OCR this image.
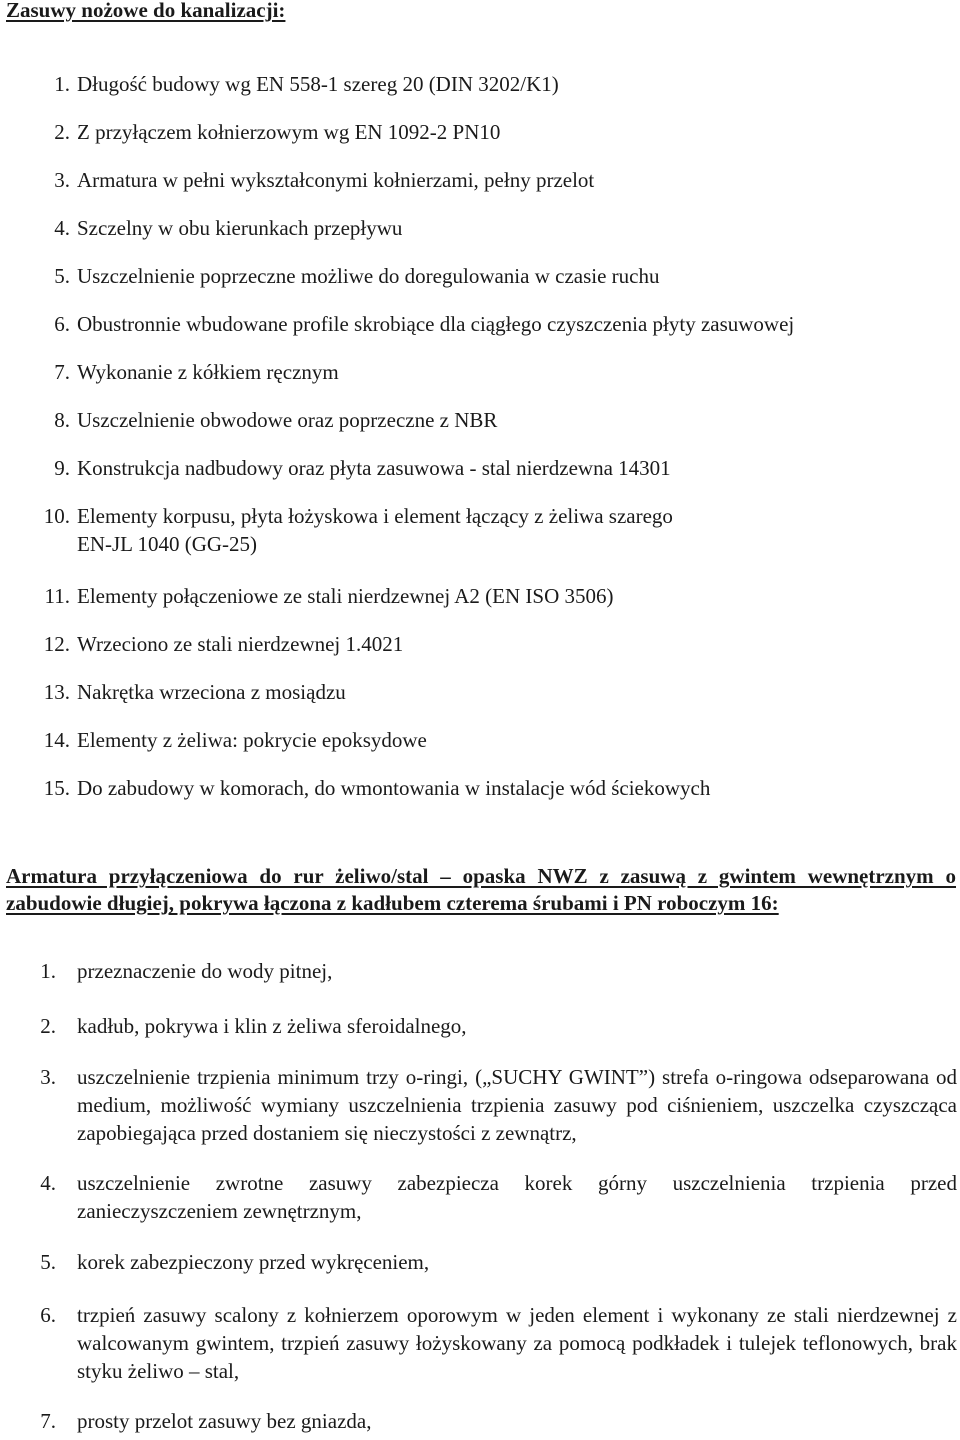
Zasuwy nożowe do kanalizacji:
1. Długość budowy wg EN 558-1 szereg 20 (DIN 3202/K1)
2. Z przyłączem kołnierzowym wg EN 1092-2 PN10
3. Armatura w pełni wykształconymi kołnierzami, pełny przelot
4. Szczelny w obu kierunkach przepływu
5. Uszczelnienie poprzeczne możliwe do doregulowania w czasie ruchu
6. Obustronnie wbudowane profile skrobiące dla ciągłego czyszczenia płyty zasuwowej
7. Wykonanie z kółkiem ręcznym
8. Uszczelnienie obwodowe oraz poprzeczne z NBR
9. Konstrukcja nadbudowy oraz płyta zasuwowa - stal nierdzewna 14301
10. Elementy korpusu, płyta łożyskowa i element łączący z żeliwa szarego
EN-JL 1040 (GG-25)
11. Elementy połączeniowe ze stali nierdzewnej A2 (EN ISO 3506)
12. Wrzeciono ze stali nierdzewnej 1.4021
13. Nakrętka wrzeciona z mosiądzu
14. Elementy z żeliwa: pokrycie epoksydowe
15. Do zabudowy w komorach, do wmontowania w instalacje wód ściekowych
Armatura przyłączeniowa do rur żeliwo/stal – opaska NWZ z zasuwą z gwintem wewnętrznym o zabudowie długiej, pokrywa łączona z kadłubem czterema śrubami i PN roboczym 16:
1. przeznaczenie do wody pitnej,
2. kadłub, pokrywa i klin z żeliwa sferoidalnego,
3. uszczelnienie trzpienia minimum trzy o-ringi, („SUCHY GWINT”) strefa o-ringowa odseparowana od medium, możliwość wymiany uszczelnienia trzpienia zasuwy pod ciśnieniem, uszczelka czyszcząca zapobiegająca przed dostaniem się nieczystości z zewnątrz,
4. uszczelnienie zwrotne zasuwy zabezpiecza korek górny uszczelnienia trzpienia przed zanieczyszczeniem zewnętrznym,
5. korek zabezpieczony przed wykręceniem,
6. trzpień zasuwy scalony z kołnierzem oporowym w jeden element i wykonany ze stali nierdzewnej z walcowanym gwintem, trzpień zasuwy łożyskowany za pomocą podkładek i tulejek teflonowych, brak styku żeliwo – stal,
7. prosty przelot zasuwy bez gniazda,
